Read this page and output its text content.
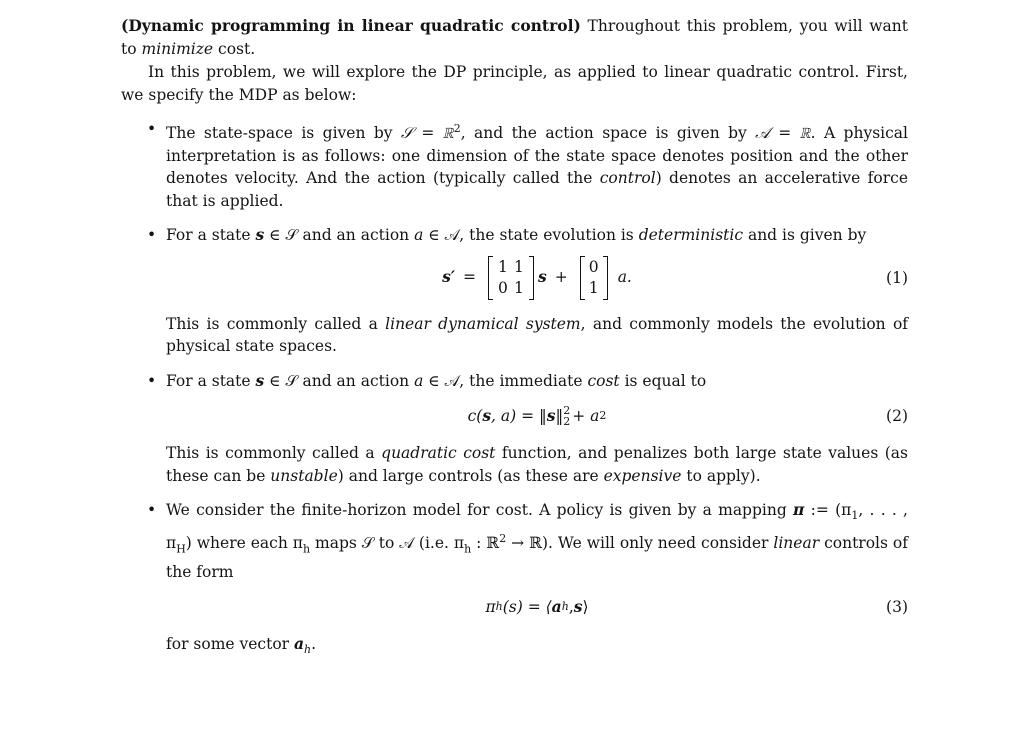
(Dynamic programming in linear quadratic control) Throughout this problem, you will want to minimize cost.

In this problem, we will explore the DP principle, as applied to linear quadratic control. First, we specify the MDP as below:

• The state-space is given by 𝒮 = ℝ$^2$, and the action space is given by 𝒜 = ℝ. A physical interpretation is as follows: one dimension of the state space denotes position and the other denotes velocity. And the action (typically called the control) denotes an accelerative force that is applied.
• For a state s ∈ 𝒮 and an action a ∈ 𝒜, the state evolution is deterministic and is given by
s′ =
1 1
0 1
s +
0
1
a.	(1)
This is commonly called a linear dynamical system, and commonly models the evolution of physical state spaces.
• For a state s ∈ 𝒮 and an action a ∈ 𝒜, the immediate cost is equal to
c( s , a) = ‖ s ‖ 2
2 + a 2	(2)
This is commonly called a quadratic cost function, and penalizes both large state values (as these can be unstable) and large controls (as these are expensive to apply).
• We consider the finite-horizon model for cost. A policy is given by a mapping π := ($\pi_1$, . . . , $\pi_H$) where each $\pi_h$ maps 𝒮 to 𝒜 (i.e. $\pi_h$ : ℝ$^2$ → ℝ). We will only need consider linear controls of the form
π h (s) = ⟨ a h , s ⟩	(3)
for some vector $a_h$.
